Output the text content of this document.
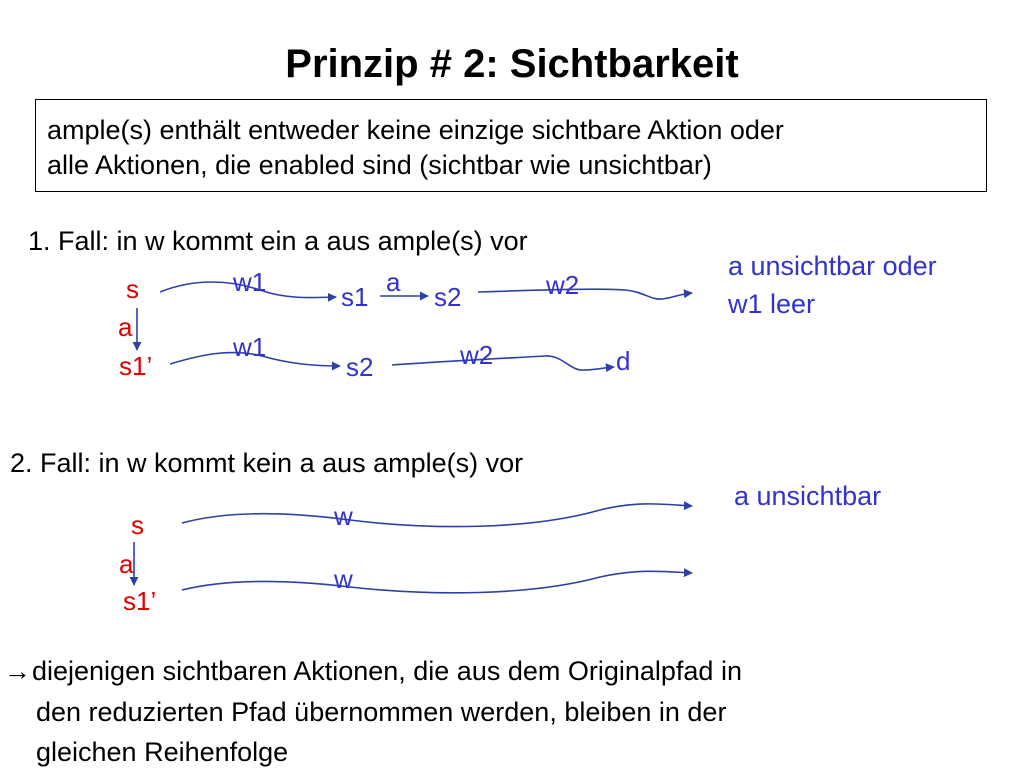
Prinzip # 2: Sichtbarkeit
ample(s) enthält entweder keine einzige sichtbare Aktion oder
alle Aktionen, die enabled sind (sichtbar wie unsichtbar)
1. Fall: in w kommt ein a aus ample(s) vor
2. Fall: in w kommt kein a aus ample(s) vor
s
a
s1’
w1	s1 a s2	w2
w1
s2	w2	d
s
a
s1’
w
w
a unsichtbar oder
w1 leer
a unsichtbar
→ diejenigen sichtbaren Aktionen, die aus dem Originalpfad in
den reduzierten Pfad übernommen werden, bleiben in der
gleichen Reihenfolge
